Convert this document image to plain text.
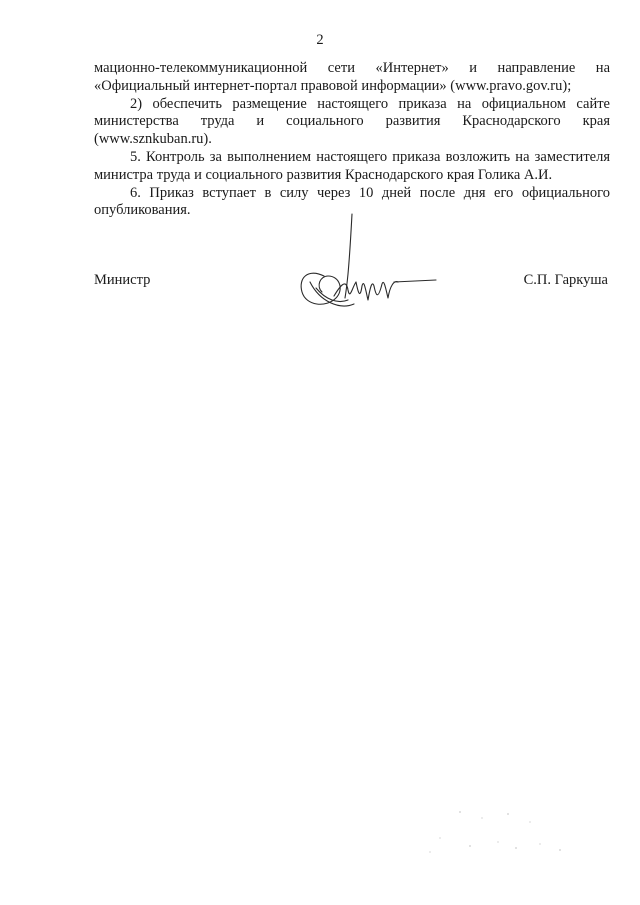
2

мационно-телекоммуникационной сети «Интернет» и направление на «Официальный интернет-портал правовой информации» (www.pravo.gov.ru);

2) обеспечить размещение настоящего приказа на официальном сайте министерства труда и социального развития Краснодарского края (www.sznkuban.ru).

5. Контроль за выполнением настоящего приказа возложить на заместителя министра труда и социального развития Краснодарского края Голика А.И.

6. Приказ вступает в силу через 10 дней после дня его официального опубликования.

Министр	С.П. Гаркуша
